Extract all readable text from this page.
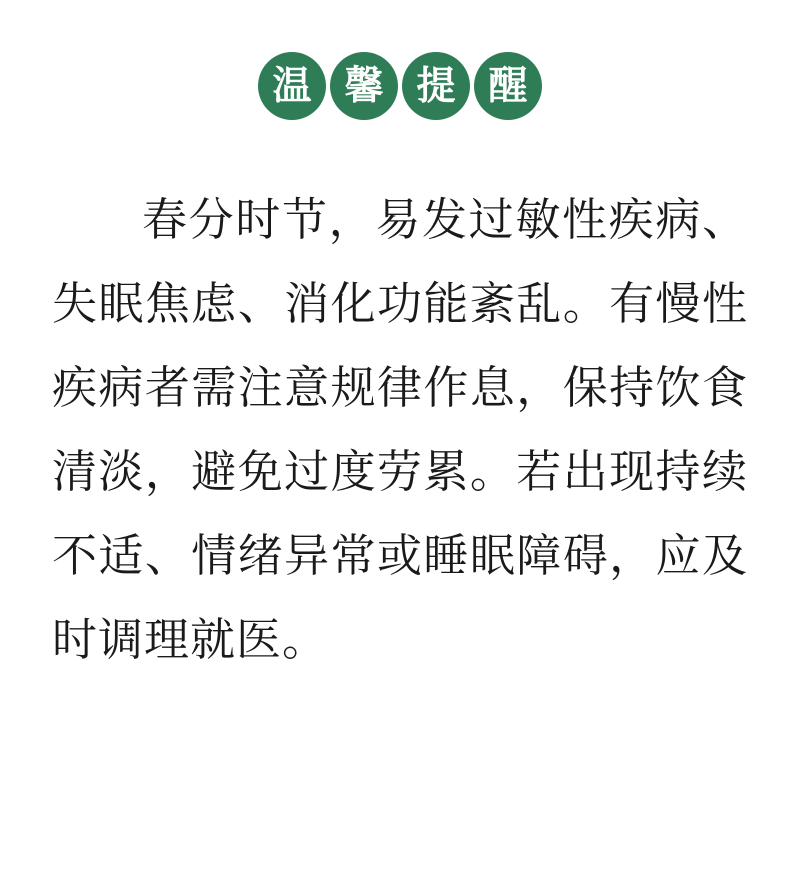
温 馨 提 醒

春分时节，易发过敏性疾病、失眠焦虑、消化功能紊乱。有慢性疾病者需注意规律作息，保持饮食清淡，避免过度劳累。若出现持续不适、情绪异常或睡眠障碍，应及时调理就医。
